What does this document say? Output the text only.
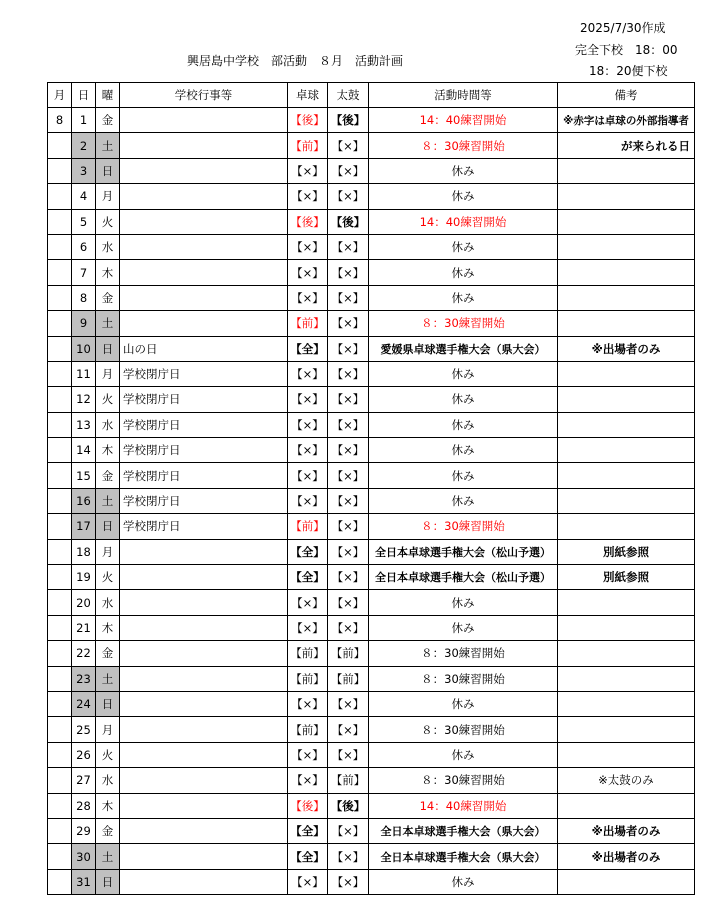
2025/7/30作成
完全下校　18：00
18：20便下校
興居島中学校　部活動　８月　活動計画
月	日	曜	学校行事等	卓球	太鼓	活動時間等	備考
8	1	金		【後】	【後】	14：40練習開始	※赤字は卓球の外部指導者
	2	土		【前】	【×】	８：30練習開始	が来られる日
	3	日		【×】	【×】	休み	
	4	月		【×】	【×】	休み	
	5	火		【後】	【後】	14：40練習開始	
	6	水		【×】	【×】	休み	
	7	木		【×】	【×】	休み	
	8	金		【×】	【×】	休み	
	9	土		【前】	【×】	８：30練習開始	
	10	日	山の日	【全】	【×】	愛媛県卓球選手権大会（県大会）	※出場者のみ
	11	月	学校閉庁日	【×】	【×】	休み	
	12	火	学校閉庁日	【×】	【×】	休み	
	13	水	学校閉庁日	【×】	【×】	休み	
	14	木	学校閉庁日	【×】	【×】	休み	
	15	金	学校閉庁日	【×】	【×】	休み	
	16	土	学校閉庁日	【×】	【×】	休み	
	17	日	学校閉庁日	【前】	【×】	８：30練習開始	
	18	月		【全】	【×】	全日本卓球選手権大会（松山予選）	別紙参照
	19	火		【全】	【×】	全日本卓球選手権大会（松山予選）	別紙参照
	20	水		【×】	【×】	休み	
	21	木		【×】	【×】	休み	
	22	金		【前】	【前】	８：30練習開始	
	23	土		【前】	【前】	８：30練習開始	
	24	日		【×】	【×】	休み	
	25	月		【前】	【×】	８：30練習開始	
	26	火		【×】	【×】	休み	
	27	水		【×】	【前】	８：30練習開始	※太鼓のみ
	28	木		【後】	【後】	14：40練習開始	
	29	金		【全】	【×】	全日本卓球選手権大会（県大会）	※出場者のみ
	30	土		【全】	【×】	全日本卓球選手権大会（県大会）	※出場者のみ
	31	日		【×】	【×】	休み	
